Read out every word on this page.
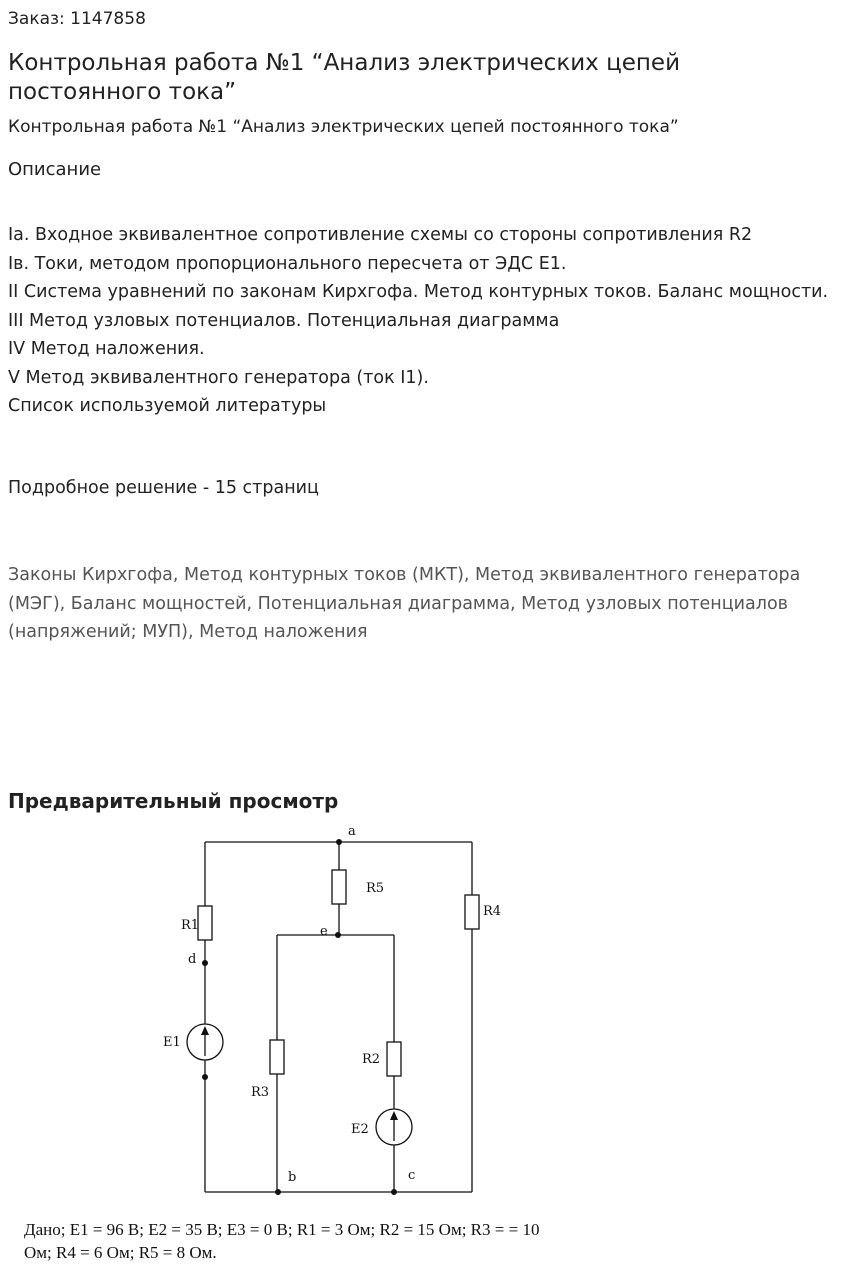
Заказ: 1147858
Контрольная работа №1 “Анализ электрических цепей постоянного тока”
Контрольная работа №1 “Анализ электрических цепей постоянного тока”
Описание
Iа. Входное эквивалентное сопротивление схемы со стороны сопротивления R2
Iв. Токи, методом пропорционального пересчета от ЭДС Е1.
II Система уравнений по законам Кирхгофа. Метод контурных токов. Баланс мощности.
III Метод узловых потенциалов. Потенциальная диаграмма
IV Метод наложения.
V Метод эквивалентного генератора (ток I1).
Список используемой литературы
Подробное решение - 15 страниц
Законы Кирхгофа, Метод контурных токов (МКТ), Метод эквивалентного генератора (МЭГ), Баланс мощностей, Потенциальная диаграмма, Метод узловых потенциалов (напряжений; МУП), Метод наложения
Предварительный просмотр
a
e
d
b	c
R1
R2
R3
R4
R5
E1
E2
Дано; E1 = 96 В; E2 = 35 В; E3 = 0 В; R1 = 3 Ом; R2 = 15 Ом; R3 = = 10 Ом; R4 = 6 Ом; R5 = 8 Ом.
